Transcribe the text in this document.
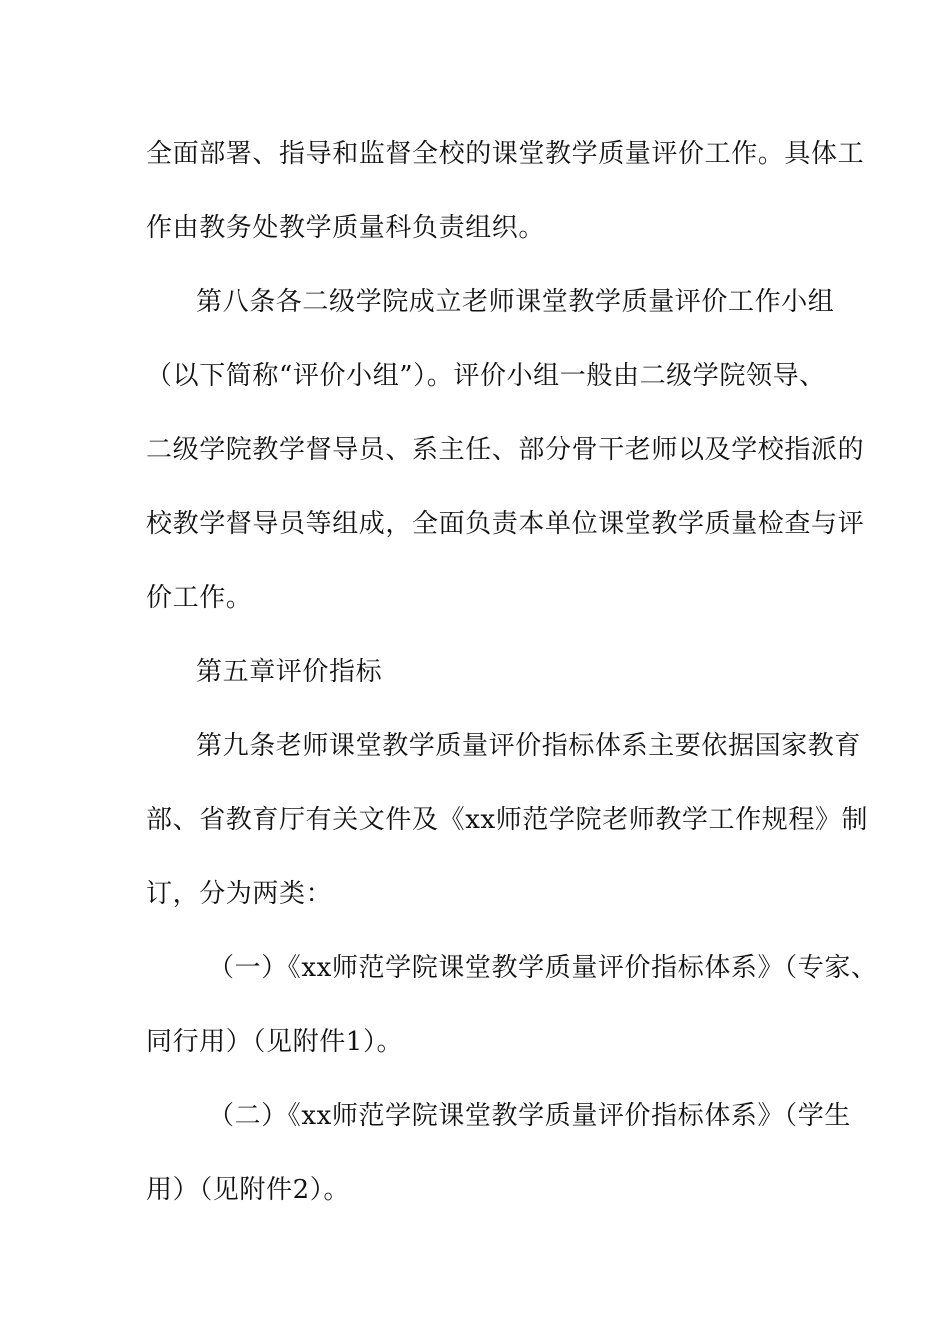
全面部署、指导和监督全校的课堂教学质量评价工作。具体工
作由教务处教学质量科负责组织。
第八条各二级学院成立老师课堂教学质量评价工作小组
（以下简称“评价小组”）。评价小组一般由二级学院领导、
二级学院教学督导员、系主任、部分骨干老师以及学校指派的
校教学督导员等组成，全面负责本单位课堂教学质量检查与评
价工作。
第五章评价指标
第九条老师课堂教学质量评价指标体系主要依据国家教育
部、省教育厅有关文件及《xx师范学院老师教学工作规程》制
订，分为两类：
（一）《xx师范学院课堂教学质量评价指标体系》（专家、
同行用）（见附件1）。
（二）《xx师范学院课堂教学质量评价指标体系》（学生
用）（见附件2）。
